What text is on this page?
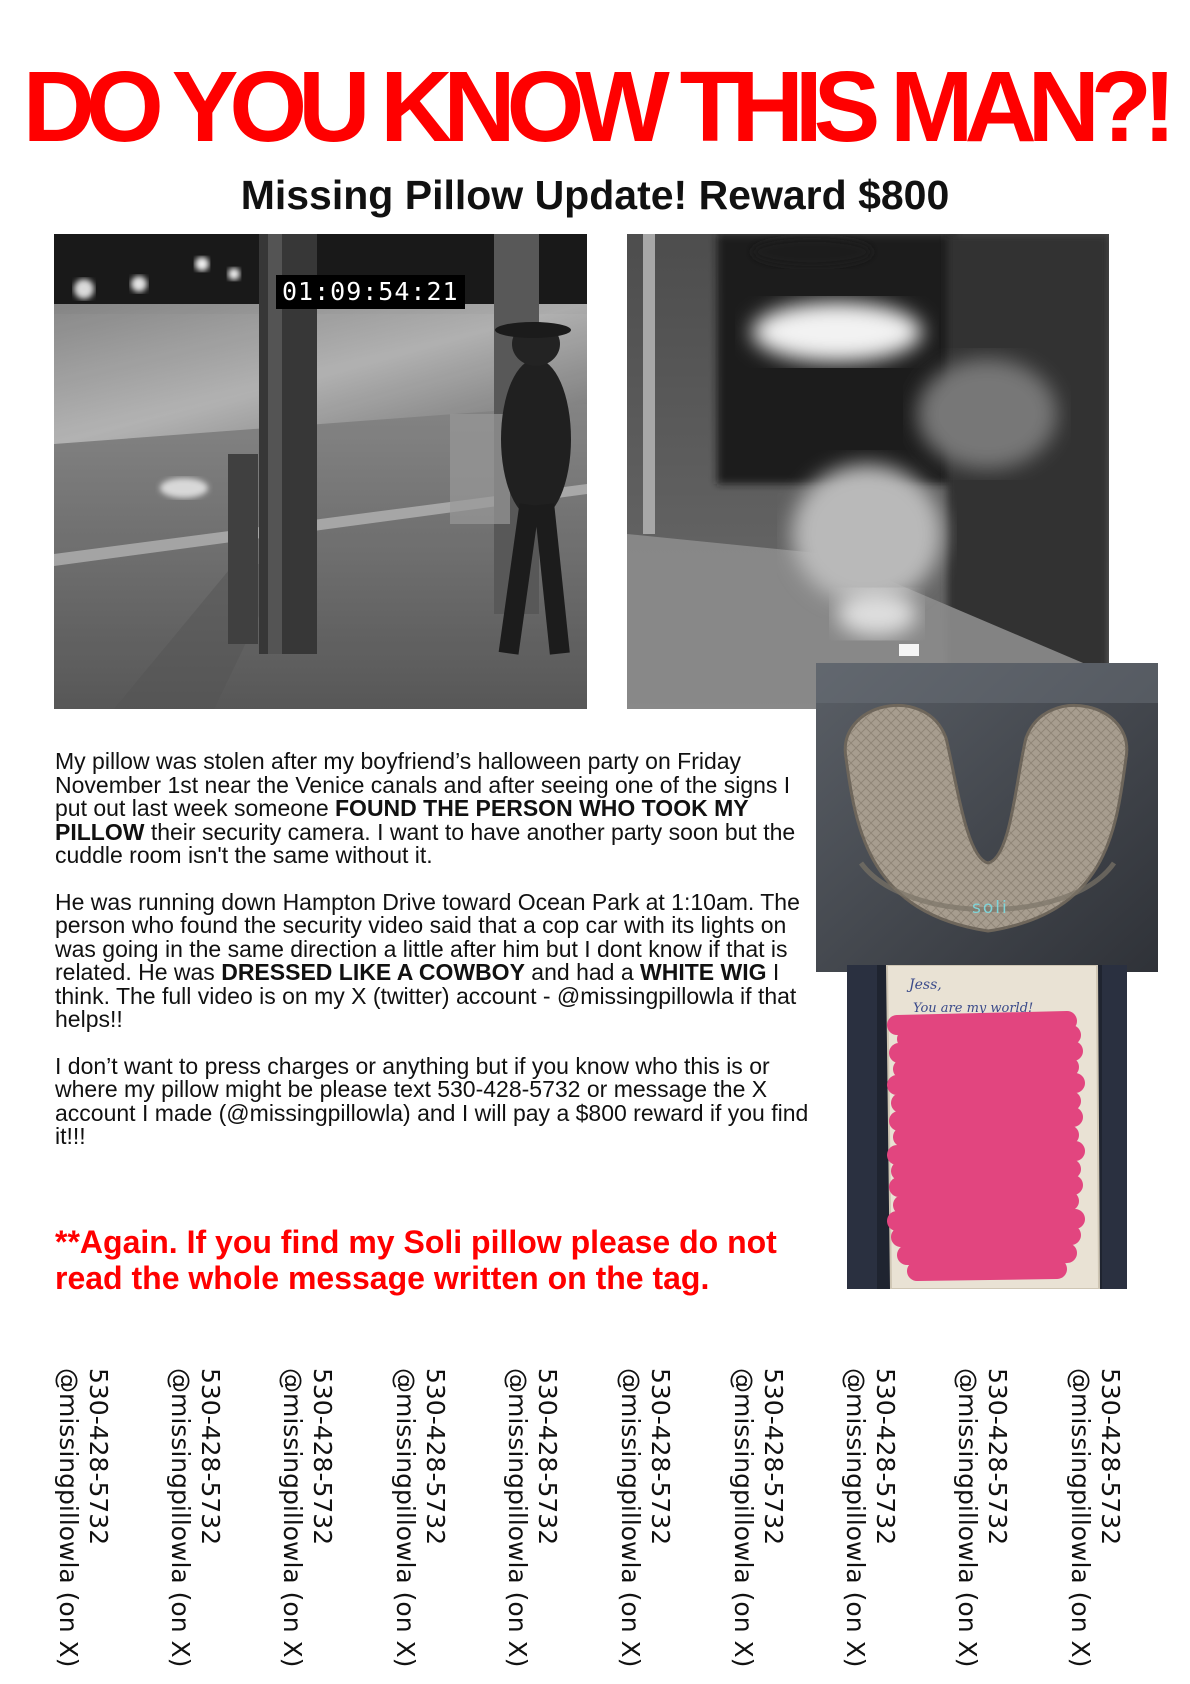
DO YOU KNOW THIS MAN?!
Missing Pillow Update! Reward $800
01:09:54:21
soli
Jess,
You are my world!

My pillow was stolen after my boyfriend’s halloween party on Friday November 1st near the Venice canals and after seeing one of the signs I put out last week someone FOUND THE PERSON WHO TOOK MY PILLOW their security camera. I want to have another party soon but the cuddle room isn't the same without it.

He was running down Hampton Drive toward Ocean Park at 1:10am. The person who found the security video said that a cop car with its lights on was going in the same direction a little after him but I dont know if that is related. He was DRESSED LIKE A COWBOY and had a WHITE WIG I think. The full video is on my X (twitter) account - @missingpillowla if that helps!!

I don’t want to press charges or anything but if you know who this is or where my pillow might be please text 530-428-5732 or message the X account I made (@missingpillowla) and I will pay a $800 reward if you find it!!!

**Again. If you find my Soli pillow please do not read the whole message written on the tag.
530-428-5732
@missingpillowla (on X)	530-428-5732
@missingpillowla (on X)	530-428-5732
@missingpillowla (on X)	530-428-5732
@missingpillowla (on X)	530-428-5732
@missingpillowla (on X)	530-428-5732
@missingpillowla (on X)	530-428-5732
@missingpillowla (on X)	530-428-5732
@missingpillowla (on X)	530-428-5732
@missingpillowla (on X)	530-428-5732
@missingpillowla (on X)
